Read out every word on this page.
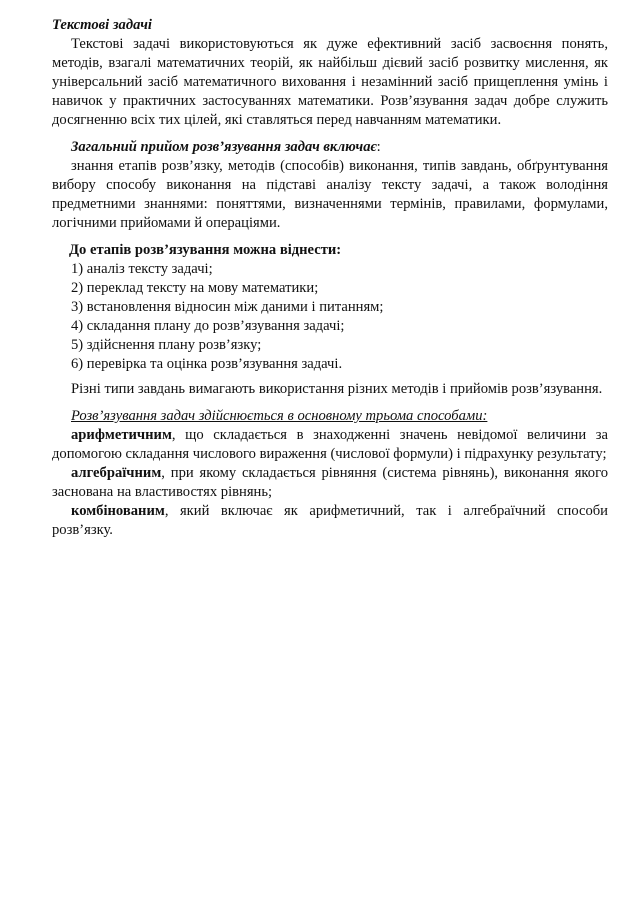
Текстові задачі

Текстові задачі використовуються як дуже ефективний засіб засвоєння понять, методів, взагалі математичних теорій, як найбільш дієвий засіб розвитку мислення, як універсальний засіб математичного виховання і незамінний засіб прищеплення умінь і навичок у практичних застосуваннях математики. Розв’язування задач добре служить досягненню всіх тих цілей, які ставляться перед навчанням математики.

Загальний прийом розв’язування задач включає:

знання етапів розв’язку, методів (способів) виконання, типів завдань, обґрунтування вибору способу виконання на підставі аналізу тексту задачі, а також володіння предметними знаннями: поняттями, визначеннями термінів, правилами, формулами, логічними прийомами й операціями.

До етапів розв’язування можна віднести:

1) аналіз тексту задачі;
2) переклад тексту на мову математики;
3) встановлення відносин між даними і питанням;
4) складання плану до розв’язування задачі;
5) здійснення плану розв’язку;
6) перевірка та оцінка розв’язування задачі.

Різні типи завдань вимагають використання різних методів і прийомів розв’язування.

Розв’язування задач здійснюється в основному трьома способами:

арифметичним, що складається в знаходженні значень невідомої величини за допомогою складання числового вираження (числової формули) і підрахунку результату;

алгебраїчним, при якому складається рівняння (система рівнянь), виконання якого заснована на властивостях рівнянь;

комбінованим, який включає як арифметичний, так і алгебраїчний способи розв’язку.
